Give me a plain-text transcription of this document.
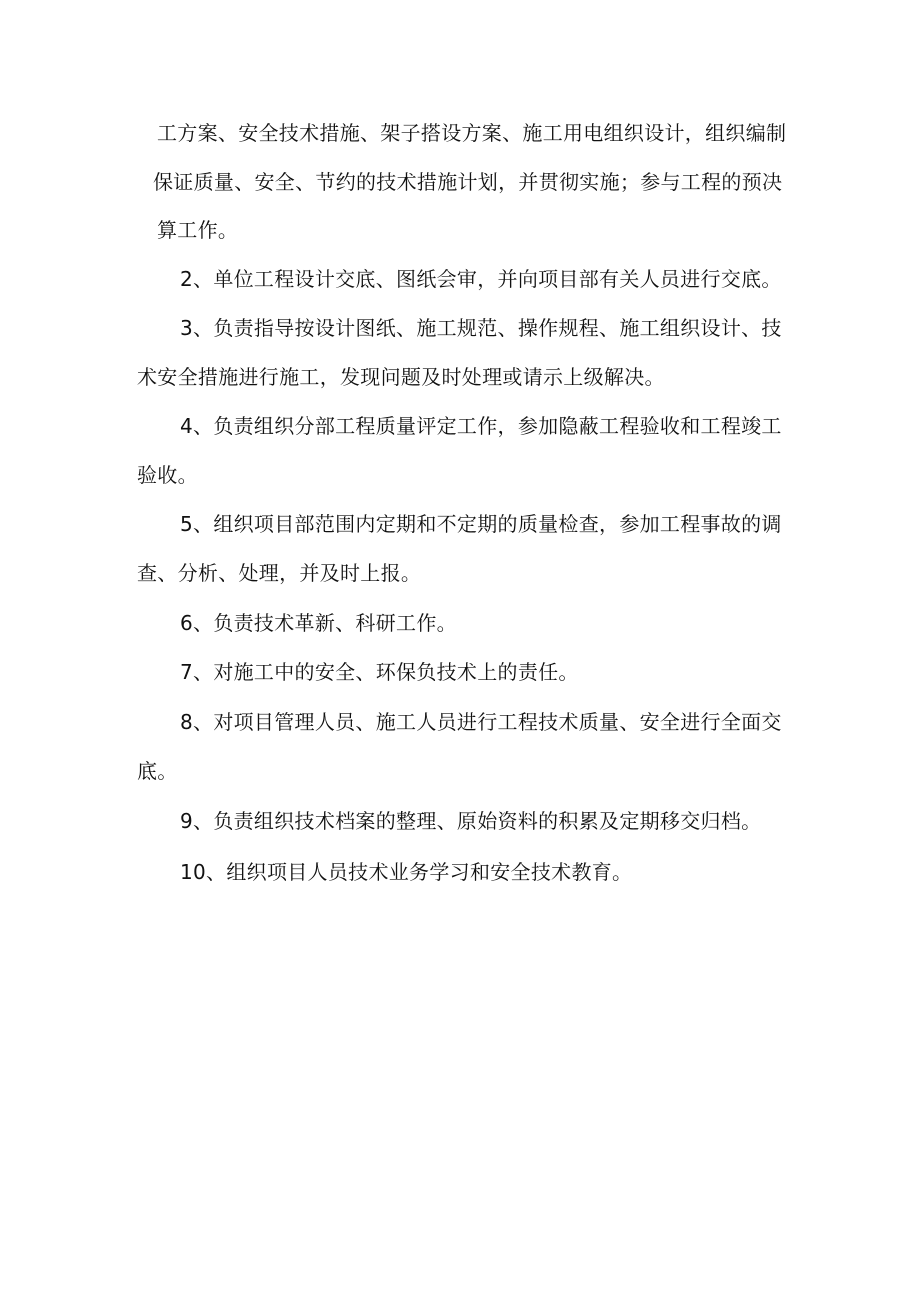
工方案、安全技术措施、架子搭设方案、施工用电组织设计，组织编制
保证质量、安全、节约的技术措施计划，并贯彻实施；参与工程的预决
算工作。
2、单位工程设计交底、图纸会审，并向项目部有关人员进行交底。
3、负责指导按设计图纸、施工规范、操作规程、施工组织设计、技
术安全措施进行施工，发现问题及时处理或请示上级解决。
4、负责组织分部工程质量评定工作，参加隐蔽工程验收和工程竣工
验收。
5、组织项目部范围内定期和不定期的质量检查，参加工程事故的调
查、分析、处理，并及时上报。
6、负责技术革新、科研工作。
7、对施工中的安全、环保负技术上的责任。
8、对项目管理人员、施工人员进行工程技术质量、安全进行全面交
底。
9、负责组织技术档案的整理、原始资料的积累及定期移交归档。
10、组织项目人员技术业务学习和安全技术教育。
